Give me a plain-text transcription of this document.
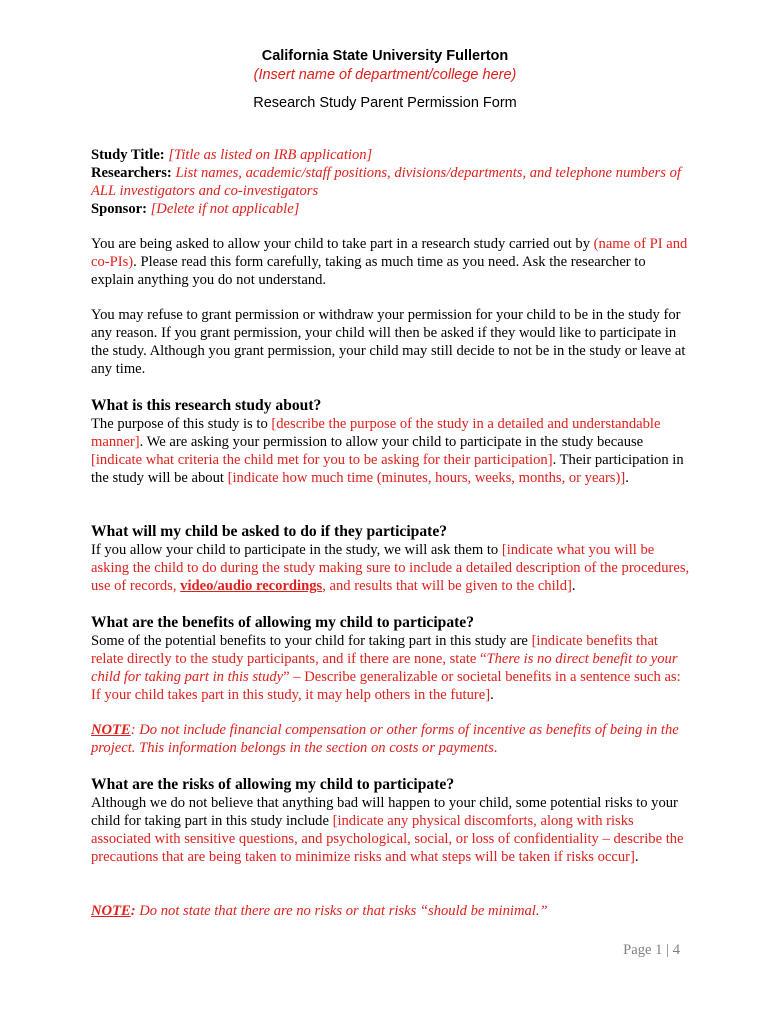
California State University Fullerton
(Insert name of department/college here)
Research Study Parent Permission Form
Study Title: [Title as listed on IRB application]
Researchers: List names, academic/staff positions, divisions/departments, and telephone numbers of ALL investigators and co-investigators
Sponsor: [Delete if not applicable]
You are being asked to allow your child to take part in a research study carried out by (name of PI and co-PIs). Please read this form carefully, taking as much time as you need. Ask the researcher to explain anything you do not understand.
You may refuse to grant permission or withdraw your permission for your child to be in the study for any reason. If you grant permission, your child will then be asked if they would like to participate in the study. Although you grant permission, your child may still decide to not be in the study or leave at any time.
What is this research study about?
The purpose of this study is to [describe the purpose of the study in a detailed and understandable manner]. We are asking your permission to allow your child to participate in the study because [indicate what criteria the child met for you to be asking for their participation]. Their participation in the study will be about [indicate how much time (minutes, hours, weeks, months, or years)].
What will my child be asked to do if they participate?
If you allow your child to participate in the study, we will ask them to [indicate what you will be asking the child to do during the study making sure to include a detailed description of the procedures, use of records, video/audio recordings, and results that will be given to the child].
What are the benefits of allowing my child to participate?
Some of the potential benefits to your child for taking part in this study are [indicate benefits that relate directly to the study participants, and if there are none, state “There is no direct benefit to your child for taking part in this study” – Describe generalizable or societal benefits in a sentence such as: If your child takes part in this study, it may help others in the future].
NOTE: Do not include financial compensation or other forms of incentive as benefits of being in the project. This information belongs in the section on costs or payments.
What are the risks of allowing my child to participate?
Although we do not believe that anything bad will happen to your child, some potential risks to your child for taking part in this study include [indicate any physical discomforts, along with risks associated with sensitive questions, and psychological, social, or loss of confidentiality – describe the precautions that are being taken to minimize risks and what steps will be taken if risks occur].
NOTE: Do not state that there are no risks or that risks “should be minimal.”
Page 1 | 4
